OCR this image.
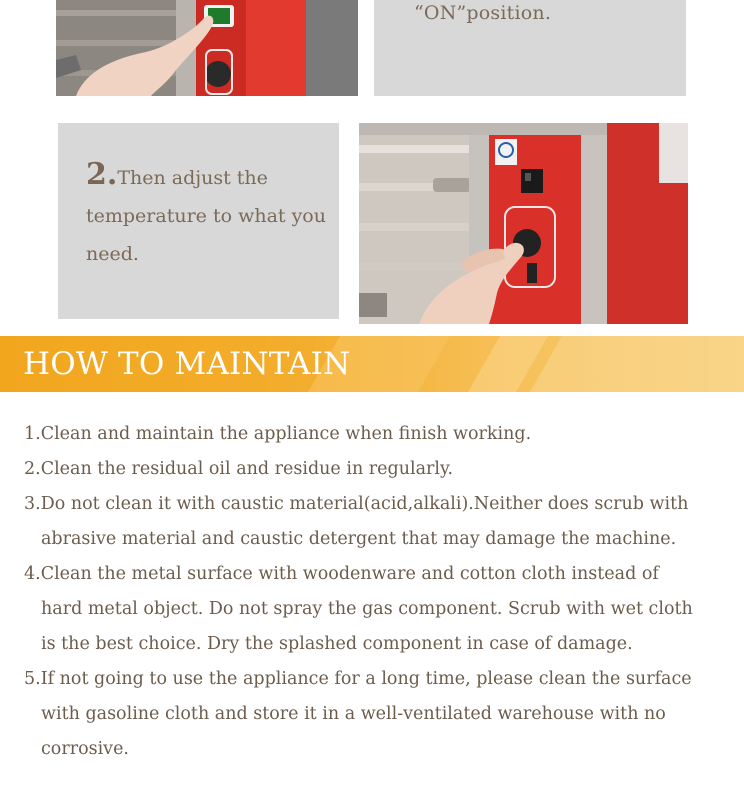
“ON”position.
2.Then adjust the temperature to what you need.
HOW TO MAINTAIN
1.Clean and maintain the appliance when finish working.
2.Clean the residual oil and residue in regularly.
3.Do not clean it with caustic material(acid,alkali).Neither does scrub with
abrasive material and caustic detergent that may damage the machine.
4.Clean the metal surface with woodenware and cotton cloth instead of
hard metal object. Do not spray the gas component. Scrub with wet cloth
is the best choice. Dry the splashed component in case of damage.
5.If not going to use the appliance for a long time, please clean the surface
with gasoline cloth and store it in a well-ventilated warehouse with no
corrosive.
